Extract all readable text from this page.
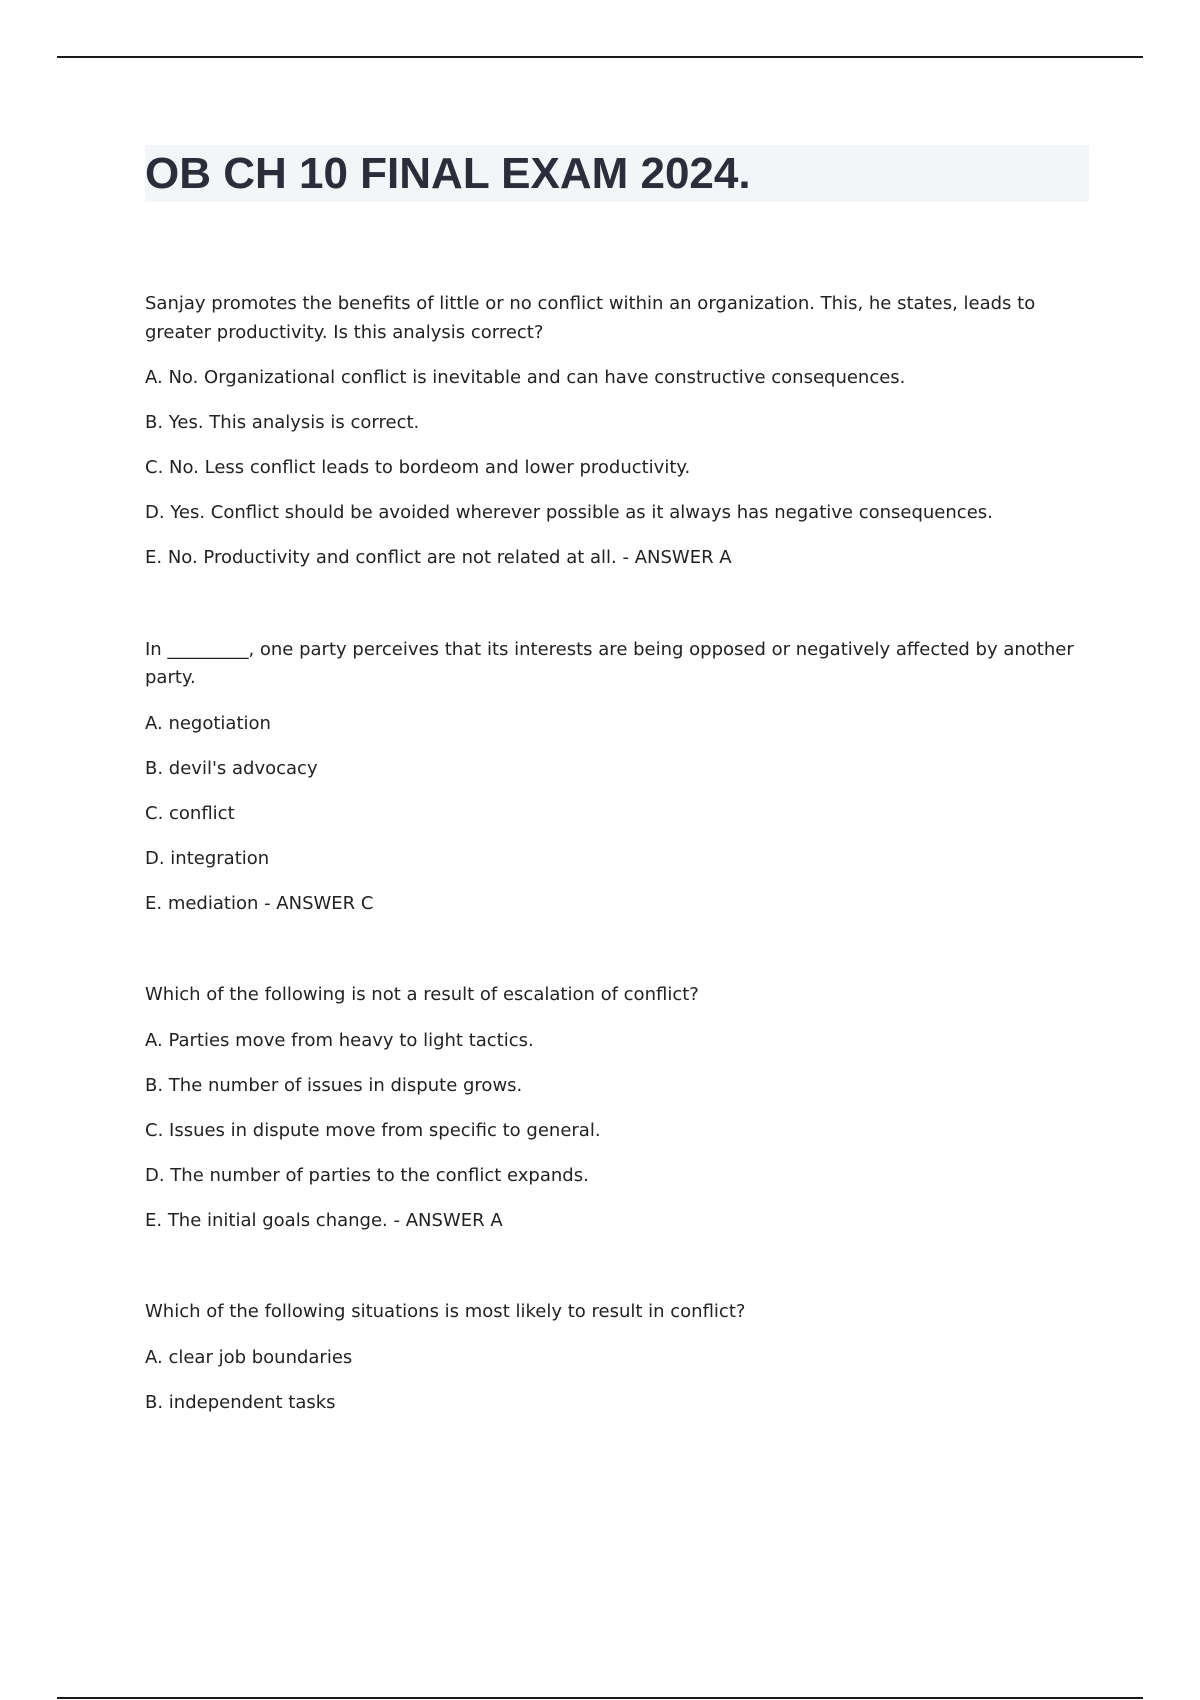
OB CH 10 FINAL EXAM 2024.

Sanjay promotes the benefits of little or no conflict within an organization. This, he states, leads to greater productivity. Is this analysis correct?

A. No. Organizational conflict is inevitable and can have constructive consequences.

B. Yes. This analysis is correct.

C. No. Less conflict leads to bordeom and lower productivity.

D. Yes. Conflict should be avoided wherever possible as it always has negative consequences.

E. No. Productivity and conflict are not related at all. - ANSWER A

In _________, one party perceives that its interests are being opposed or negatively affected by another party.

A. negotiation

B. devil's advocacy

C. conflict

D. integration

E. mediation - ANSWER C

Which of the following is not a result of escalation of conflict?

A. Parties move from heavy to light tactics.

B. The number of issues in dispute grows.

C. Issues in dispute move from specific to general.

D. The number of parties to the conflict expands.

E. The initial goals change. - ANSWER A

Which of the following situations is most likely to result in conflict?

A. clear job boundaries

B. independent tasks
